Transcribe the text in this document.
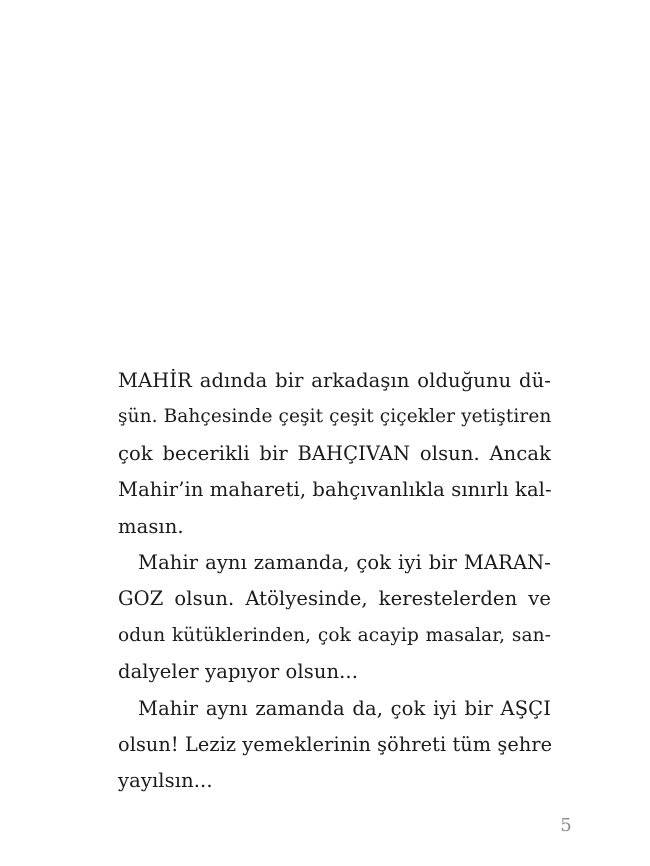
MAHİR adında bir arkadaşın olduğunu dü-
şün. Bahçesinde çeşit çeşit çiçekler yetiştiren
çok becerikli bir BAHÇIVAN olsun. Ancak
Mahir’in mahareti, bahçıvanlıkla sınırlı kal-
masın.
Mahir aynı zamanda, çok iyi bir MARAN-
GOZ olsun. Atölyesinde, kerestelerden ve
odun kütüklerinden, çok acayip masalar, san-
dalyeler yapıyor olsun...
Mahir aynı zamanda da, çok iyi bir AŞÇI
olsun! Leziz yemeklerinin şöhreti tüm şehre
yayılsın...
5
